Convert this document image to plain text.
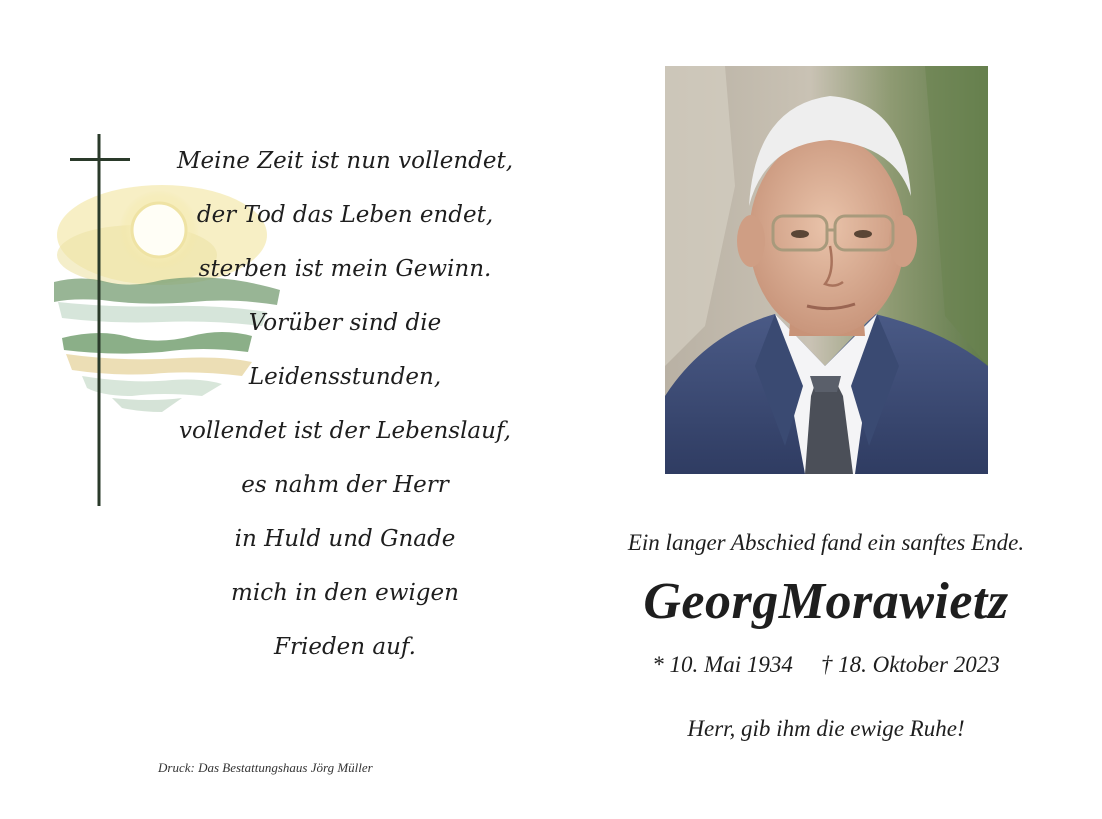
Meine Zeit ist nun vollendet,
der Tod das Leben endet,
sterben ist mein Gewinn.
Vorüber sind die
Leidensstunden,
vollendet ist der Lebenslauf,
es nahm der Herr
in Huld und Gnade
mich in den ewigen
Frieden auf.
Druck: Das Bestattungshaus Jörg Müller
Ein langer Abschied fand ein sanftes Ende.
GeorgMorawietz
* 10. Mai 1934 † 18. Oktober 2023
Herr, gib ihm die ewige Ruhe!
